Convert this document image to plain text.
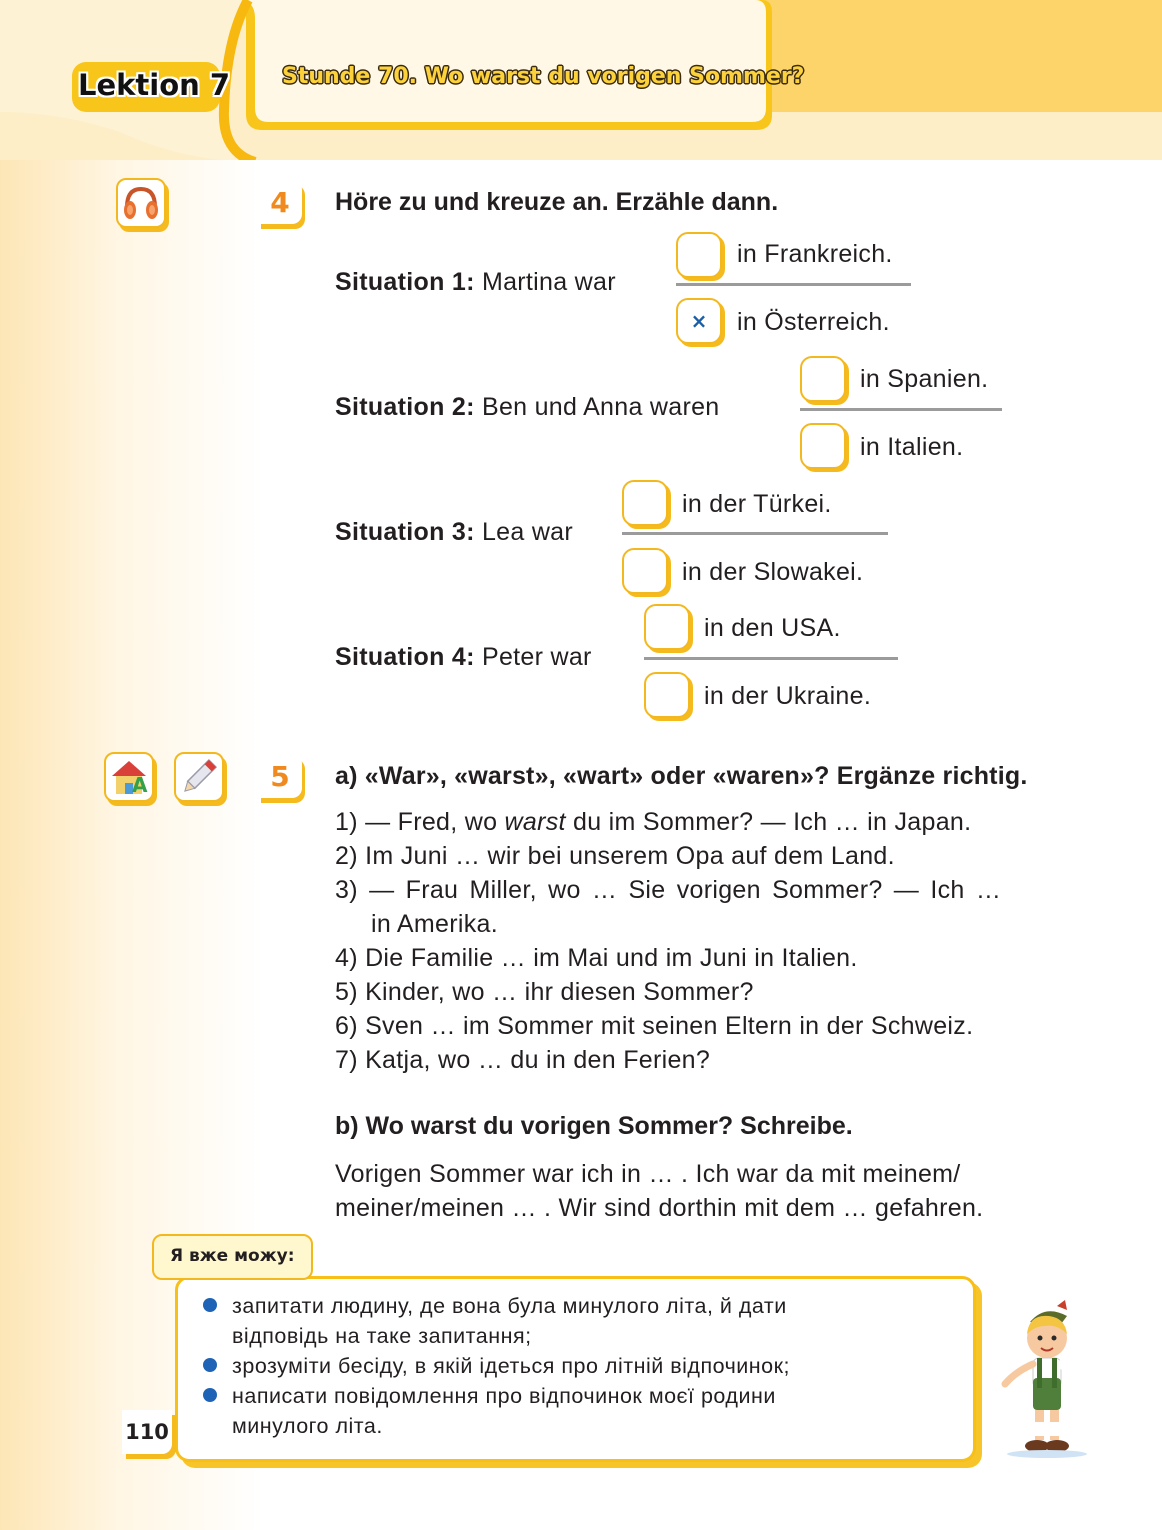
Lektion 7 Stunde 70. Wo warst du vorigen Sommer?
4	Höre zu und kreuze an. Erzähle dann.
Situation 1: Martina war
in Frankreich.
× in Österreich.
Situation 2: Ben und Anna waren
in Spanien.
in Italien.
Situation 3: Lea war
in der Türkei.
in der Slowakei.
Situation 4: Peter war
in den USA.
in der Ukraine.
A	5	a) «War», «warst», «wart» oder «waren»? Ergänze richtig.
1) — Fred, wo warst du im Sommer? — Ich … in Japan.
2) Im Juni … wir bei unserem Opa auf dem Land.
3) — Frau Miller, wo … Sie vorigen Sommer? — Ich …
in Amerika.
4) Die Familie … im Mai und im Juni in Italien.
5) Kinder, wo … ihr diesen Sommer?
6) Sven … im Sommer mit seinen Eltern in der Schweiz.
7) Katja, wo … du in den Ferien?
b) Wo warst du vorigen Sommer? Schreibe.
Vorigen Sommer war ich in … . Ich war da mit meinem/
meiner/meinen … . Wir sind dorthin mit dem … gefahren.
Я вже можу:
запитати людину, де вона була минулого літа, й дати
відповідь на таке запитання;
зрозуміти бесіду, в якій ідеться про літній відпочинок;
написати повідомлення про відпочинок моєї родини
минулого літа.
110
